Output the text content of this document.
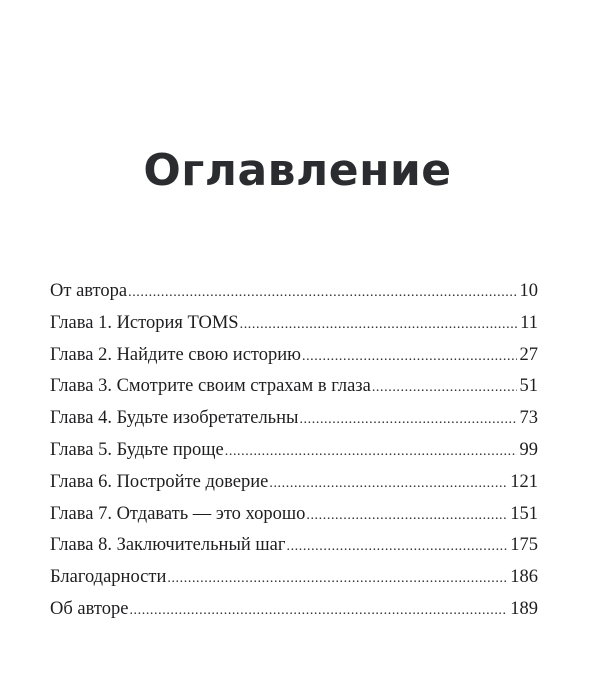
Оглавление
От автора .....	10
Глава 1. История TOMS .....	11
Глава 2. Найдите свою историю .....	27
Глава 3. Смотрите своим страхам в глаза .....	51
Глава 4. Будьте изобретательны .....	73
Глава 5. Будьте проще .....	99
Глава 6. Постройте доверие .....	121
Глава 7. Отдавать — это хорошо .....	151
Глава 8. Заключительный шаг .....	175
Благодарности .....	186
Об авторе .....	189
